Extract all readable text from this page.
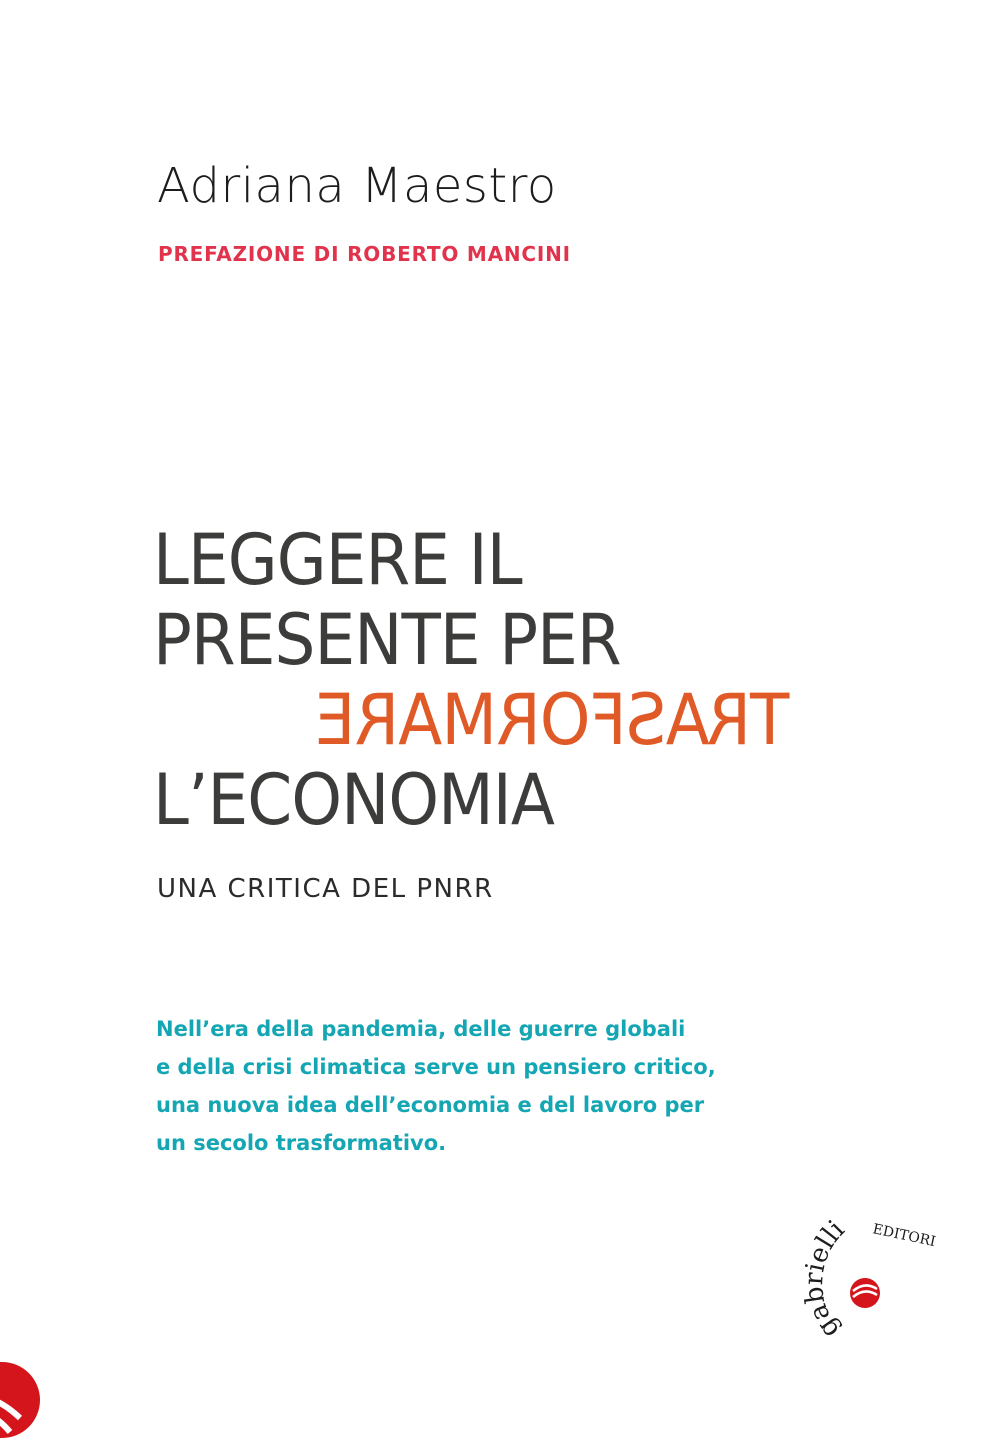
Adriana Maestro
PREFAZIONE DI ROBERTO MANCINI
LEGGERE IL
PRESENTE PER
TRASFORMARE
L’ECONOMIA
UNA CRITICA DEL PNRR
Nell’era della pandemia, delle guerre globali
e della crisi climatica serve un pensiero critico,
una nuova idea dell’economia e del lavoro per
un secolo trasformativo.
gabrielli EDITORI
